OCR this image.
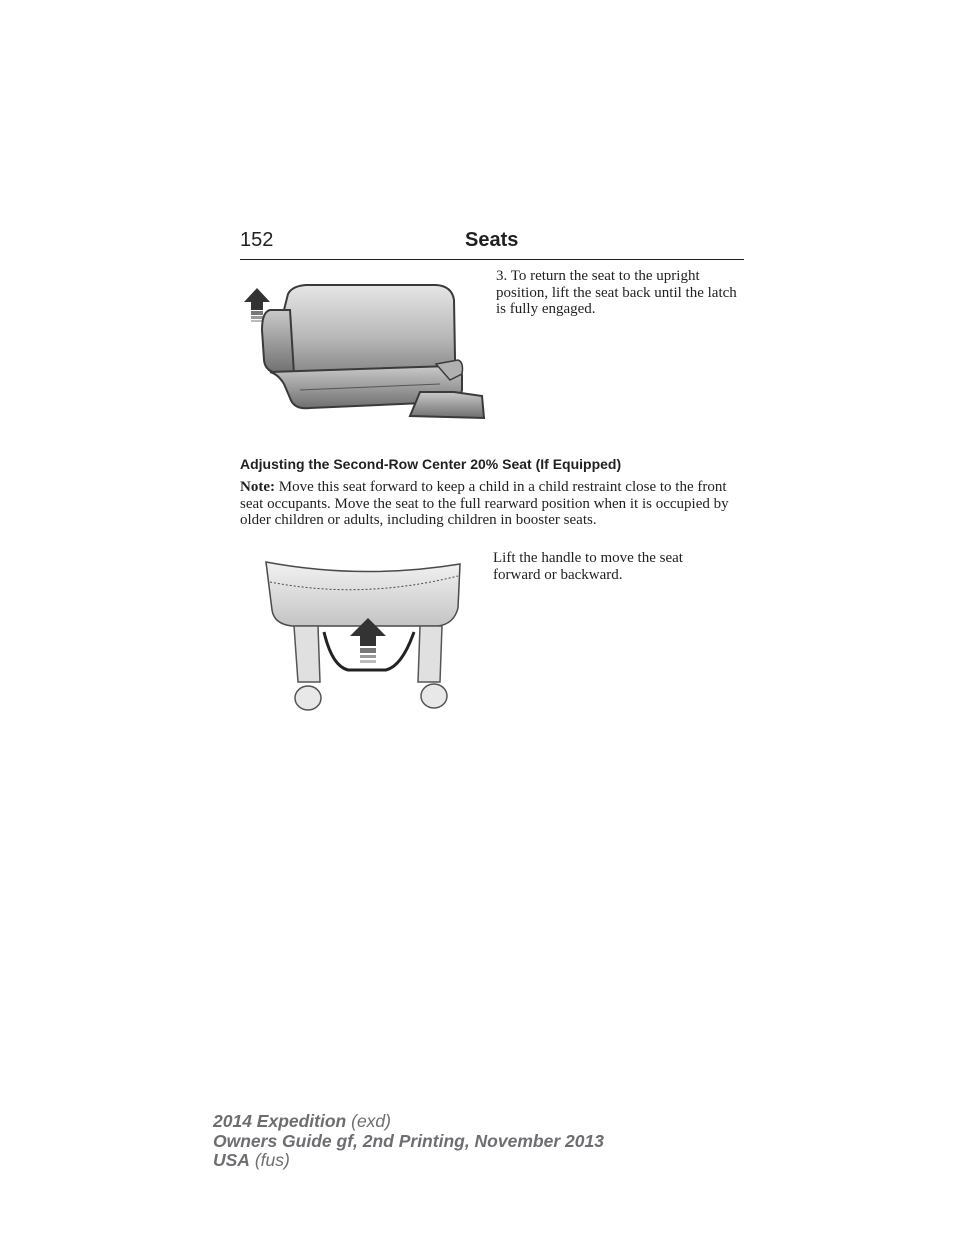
152	Seats
3. To return the seat to the upright position, lift the seat back until the latch is fully engaged.
Adjusting the Second-Row Center 20% Seat (If Equipped)
Note: Move this seat forward to keep a child in a child restraint close to the front seat occupants. Move the seat to the full rearward position when it is occupied by older children or adults, including children in booster seats.
Lift the handle to move the seat forward or backward.
2014 Expedition (exd)
Owners Guide gf, 2nd Printing, November 2013
USA (fus)
